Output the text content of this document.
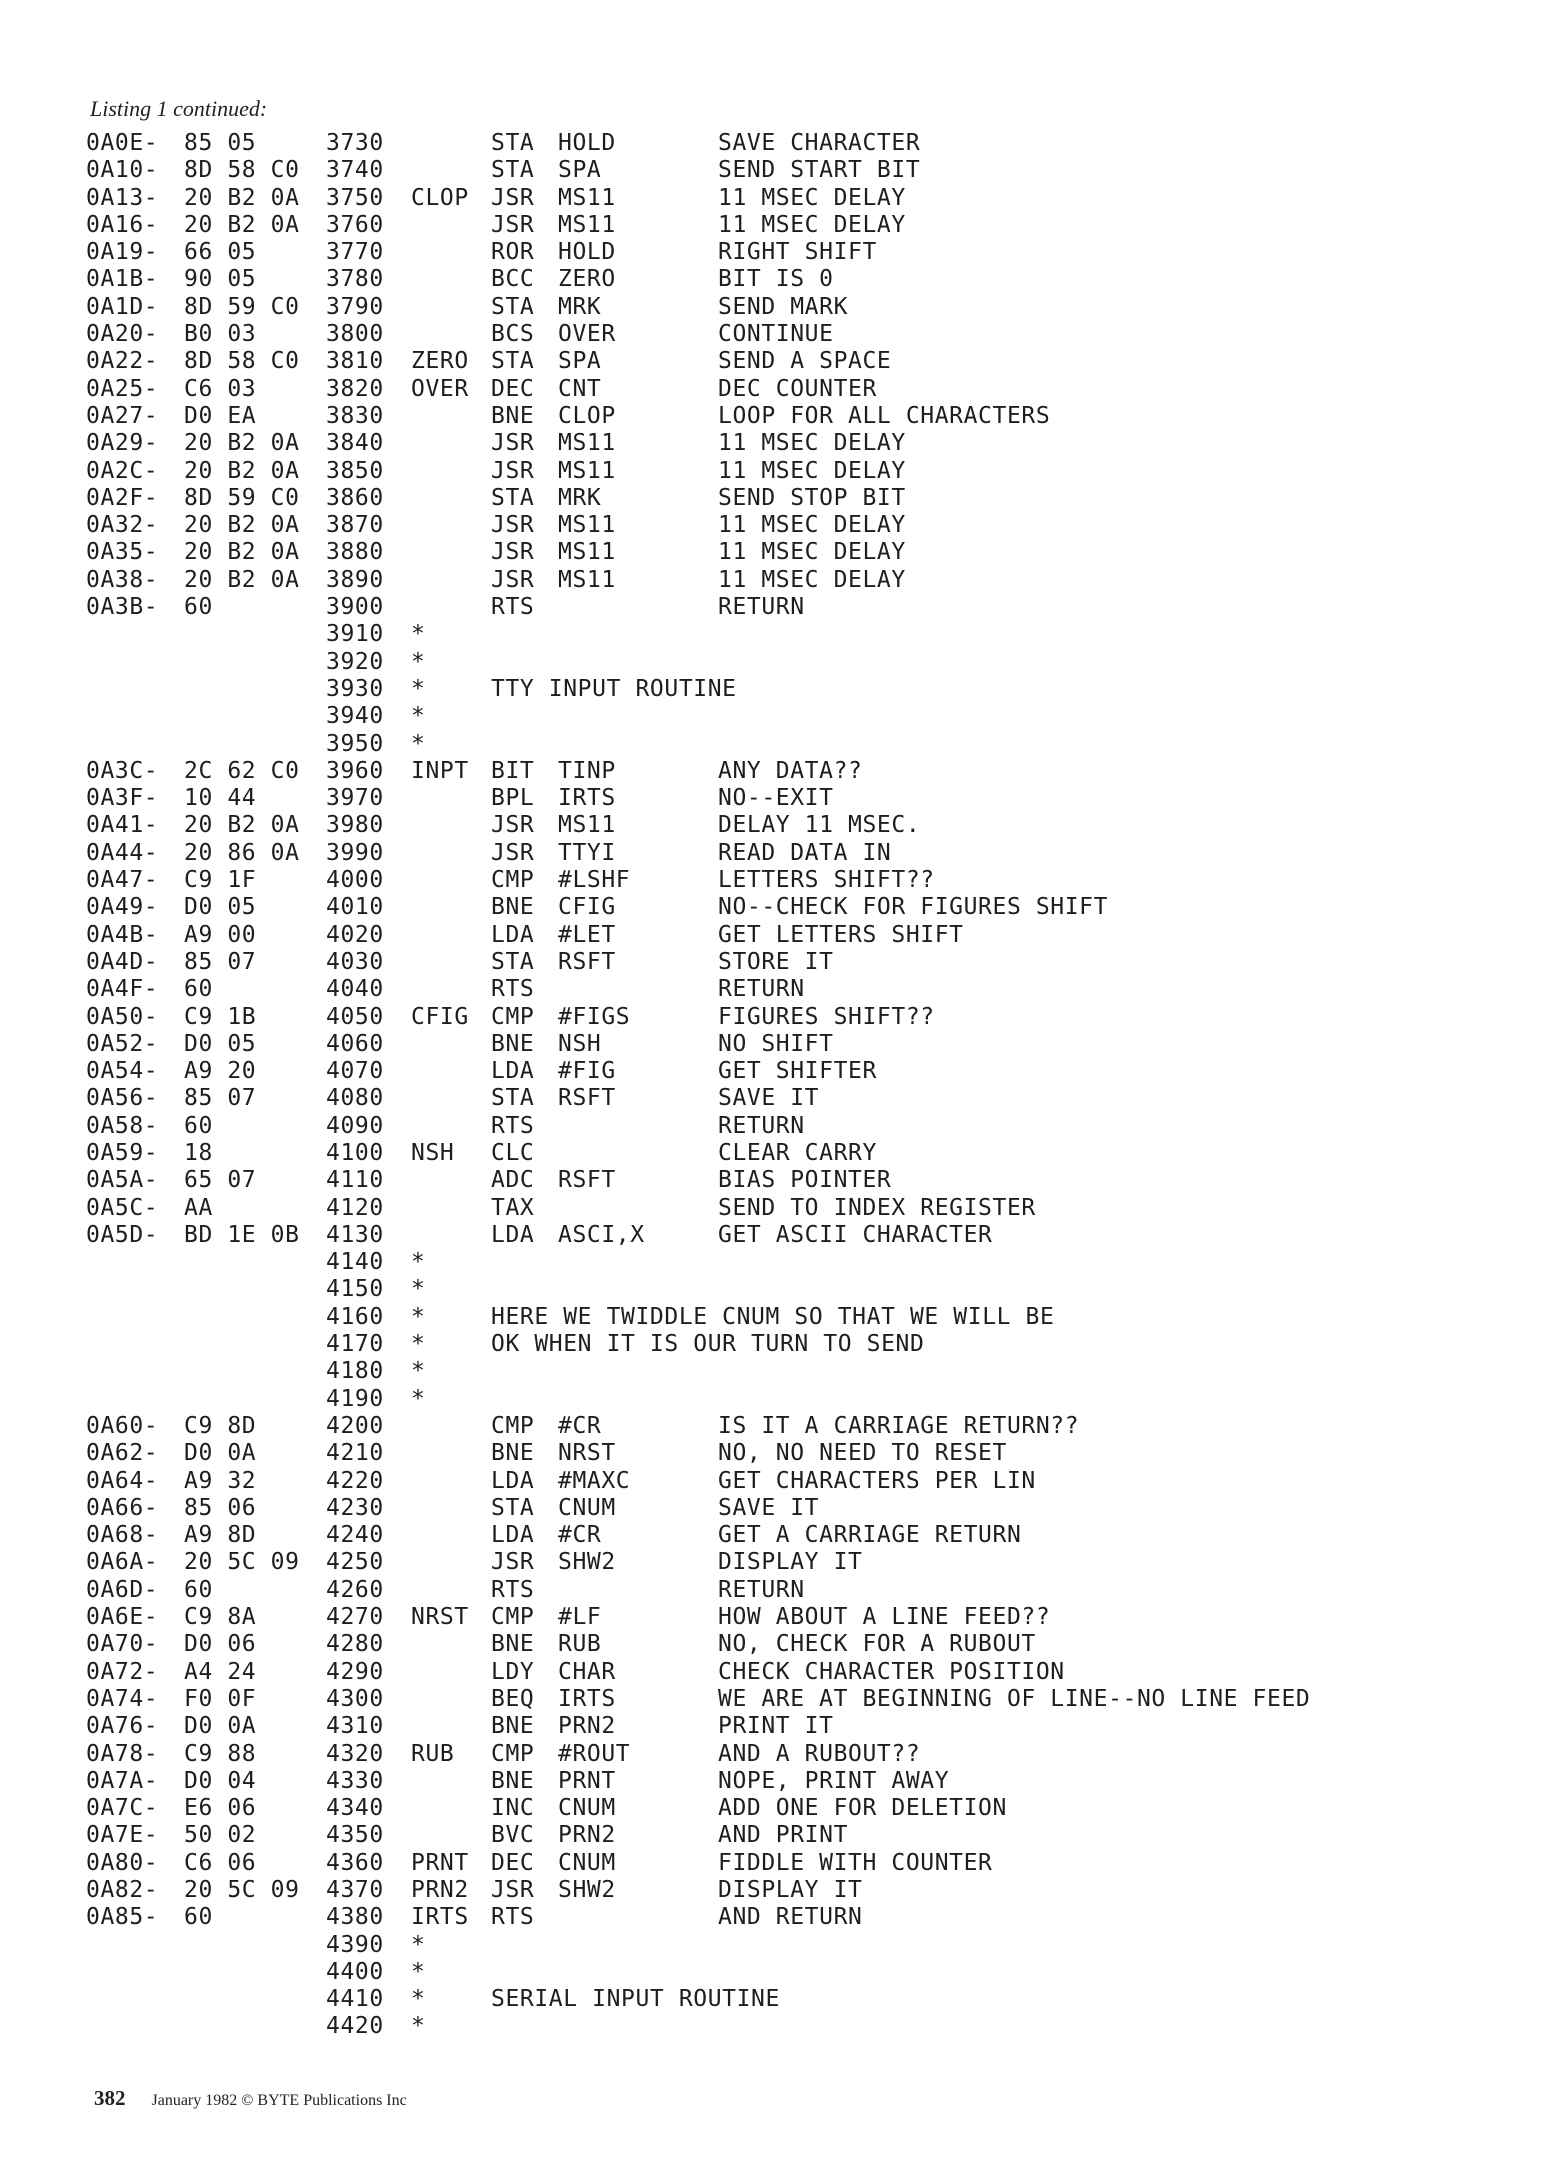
Listing 1 continued:
0A0E- 85 05	3730	STA HOLD	SAVE CHARACTER
0A10- 8D 58 C0 3740	STA SPA	SEND START BIT
0A13- 20 B2 0A 3750 CLOP JSR MS11	11 MSEC DELAY
0A16- 20 B2 0A 3760	JSR MS11	11 MSEC DELAY
0A19- 66 05	3770	ROR HOLD	RIGHT SHIFT
0A1B- 90 05	3780	BCC ZERO	BIT IS 0
0A1D- 8D 59 C0 3790	STA MRK	SEND MARK
0A20- B0 03	3800	BCS OVER	CONTINUE
0A22- 8D 58 C0 3810 ZERO STA SPA	SEND A SPACE
0A25- C6 03	3820 OVER DEC CNT	DEC COUNTER
0A27- D0 EA	3830	BNE CLOP	LOOP FOR ALL CHARACTERS
0A29- 20 B2 0A 3840	JSR MS11	11 MSEC DELAY
0A2C- 20 B2 0A 3850	JSR MS11	11 MSEC DELAY
0A2F- 8D 59 C0 3860	STA MRK	SEND STOP BIT
0A32- 20 B2 0A 3870	JSR MS11	11 MSEC DELAY
0A35- 20 B2 0A 3880	JSR MS11	11 MSEC DELAY
0A38- 20 B2 0A 3890	JSR MS11	11 MSEC DELAY
0A3B- 60	3900	RTS	RETURN
3910 *
3920 *
3930 *	TTY INPUT ROUTINE
3940 *
3950 *
0A3C- 2C 62 C0 3960 INPT BIT TINP	ANY DATA??
0A3F- 10 44	3970	BPL IRTS	NO--EXIT
0A41- 20 B2 0A 3980	JSR MS11	DELAY 11 MSEC.
0A44- 20 86 0A 3990	JSR TTYI	READ DATA IN
0A47- C9 1F	4000	CMP #LSHF	LETTERS SHIFT??
0A49- D0 05	4010	BNE CFIG	NO--CHECK FOR FIGURES SHIFT
0A4B- A9 00	4020	LDA #LET	GET LETTERS SHIFT
0A4D- 85 07	4030	STA RSFT	STORE IT
0A4F- 60	4040	RTS	RETURN
0A50- C9 1B	4050 CFIG CMP #FIGS	FIGURES SHIFT??
0A52- D0 05	4060	BNE NSH	NO SHIFT
0A54- A9 20	4070	LDA #FIG	GET SHIFTER
0A56- 85 07	4080	STA RSFT	SAVE IT
0A58- 60	4090	RTS	RETURN
0A59- 18	4100 NSH CLC	CLEAR CARRY
0A5A- 65 07	4110	ADC RSFT	BIAS POINTER
0A5C- AA	4120	TAX	SEND TO INDEX REGISTER
0A5D- BD 1E 0B 4130	LDA ASCI,X	GET ASCII CHARACTER
4140 *
4150 *
4160 *	HERE WE TWIDDLE CNUM SO THAT WE WILL BE
4170 *	OK WHEN IT IS OUR TURN TO SEND
4180 *
4190 *
0A60- C9 8D	4200	CMP #CR	IS IT A CARRIAGE RETURN??
0A62- D0 0A	4210	BNE NRST	NO, NO NEED TO RESET
0A64- A9 32	4220	LDA #MAXC	GET CHARACTERS PER LIN
0A66- 85 06	4230	STA CNUM	SAVE IT
0A68- A9 8D	4240	LDA #CR	GET A CARRIAGE RETURN
0A6A- 20 5C 09 4250	JSR SHW2	DISPLAY IT
0A6D- 60	4260	RTS	RETURN
0A6E- C9 8A	4270 NRST CMP #LF	HOW ABOUT A LINE FEED??
0A70- D0 06	4280	BNE RUB	NO, CHECK FOR A RUBOUT
0A72- A4 24	4290	LDY CHAR	CHECK CHARACTER POSITION
0A74- F0 0F	4300	BEQ IRTS	WE ARE AT BEGINNING OF LINE--NO LINE FEED
0A76- D0 0A	4310	BNE PRN2	PRINT IT
0A78- C9 88	4320 RUB CMP #ROUT	AND A RUBOUT??
0A7A- D0 04	4330	BNE PRNT	NOPE, PRINT AWAY
0A7C- E6 06	4340	INC CNUM	ADD ONE FOR DELETION
0A7E- 50 02	4350	BVC PRN2	AND PRINT
0A80- C6 06	4360 PRNT DEC CNUM	FIDDLE WITH COUNTER
0A82- 20 5C 09 4370 PRN2 JSR SHW2	DISPLAY IT
0A85- 60	4380 IRTS RTS	AND RETURN
4390 *
4400 *
4410 *	SERIAL INPUT ROUTINE
4420 *
382 January 1982 © BYTE Publications Inc
